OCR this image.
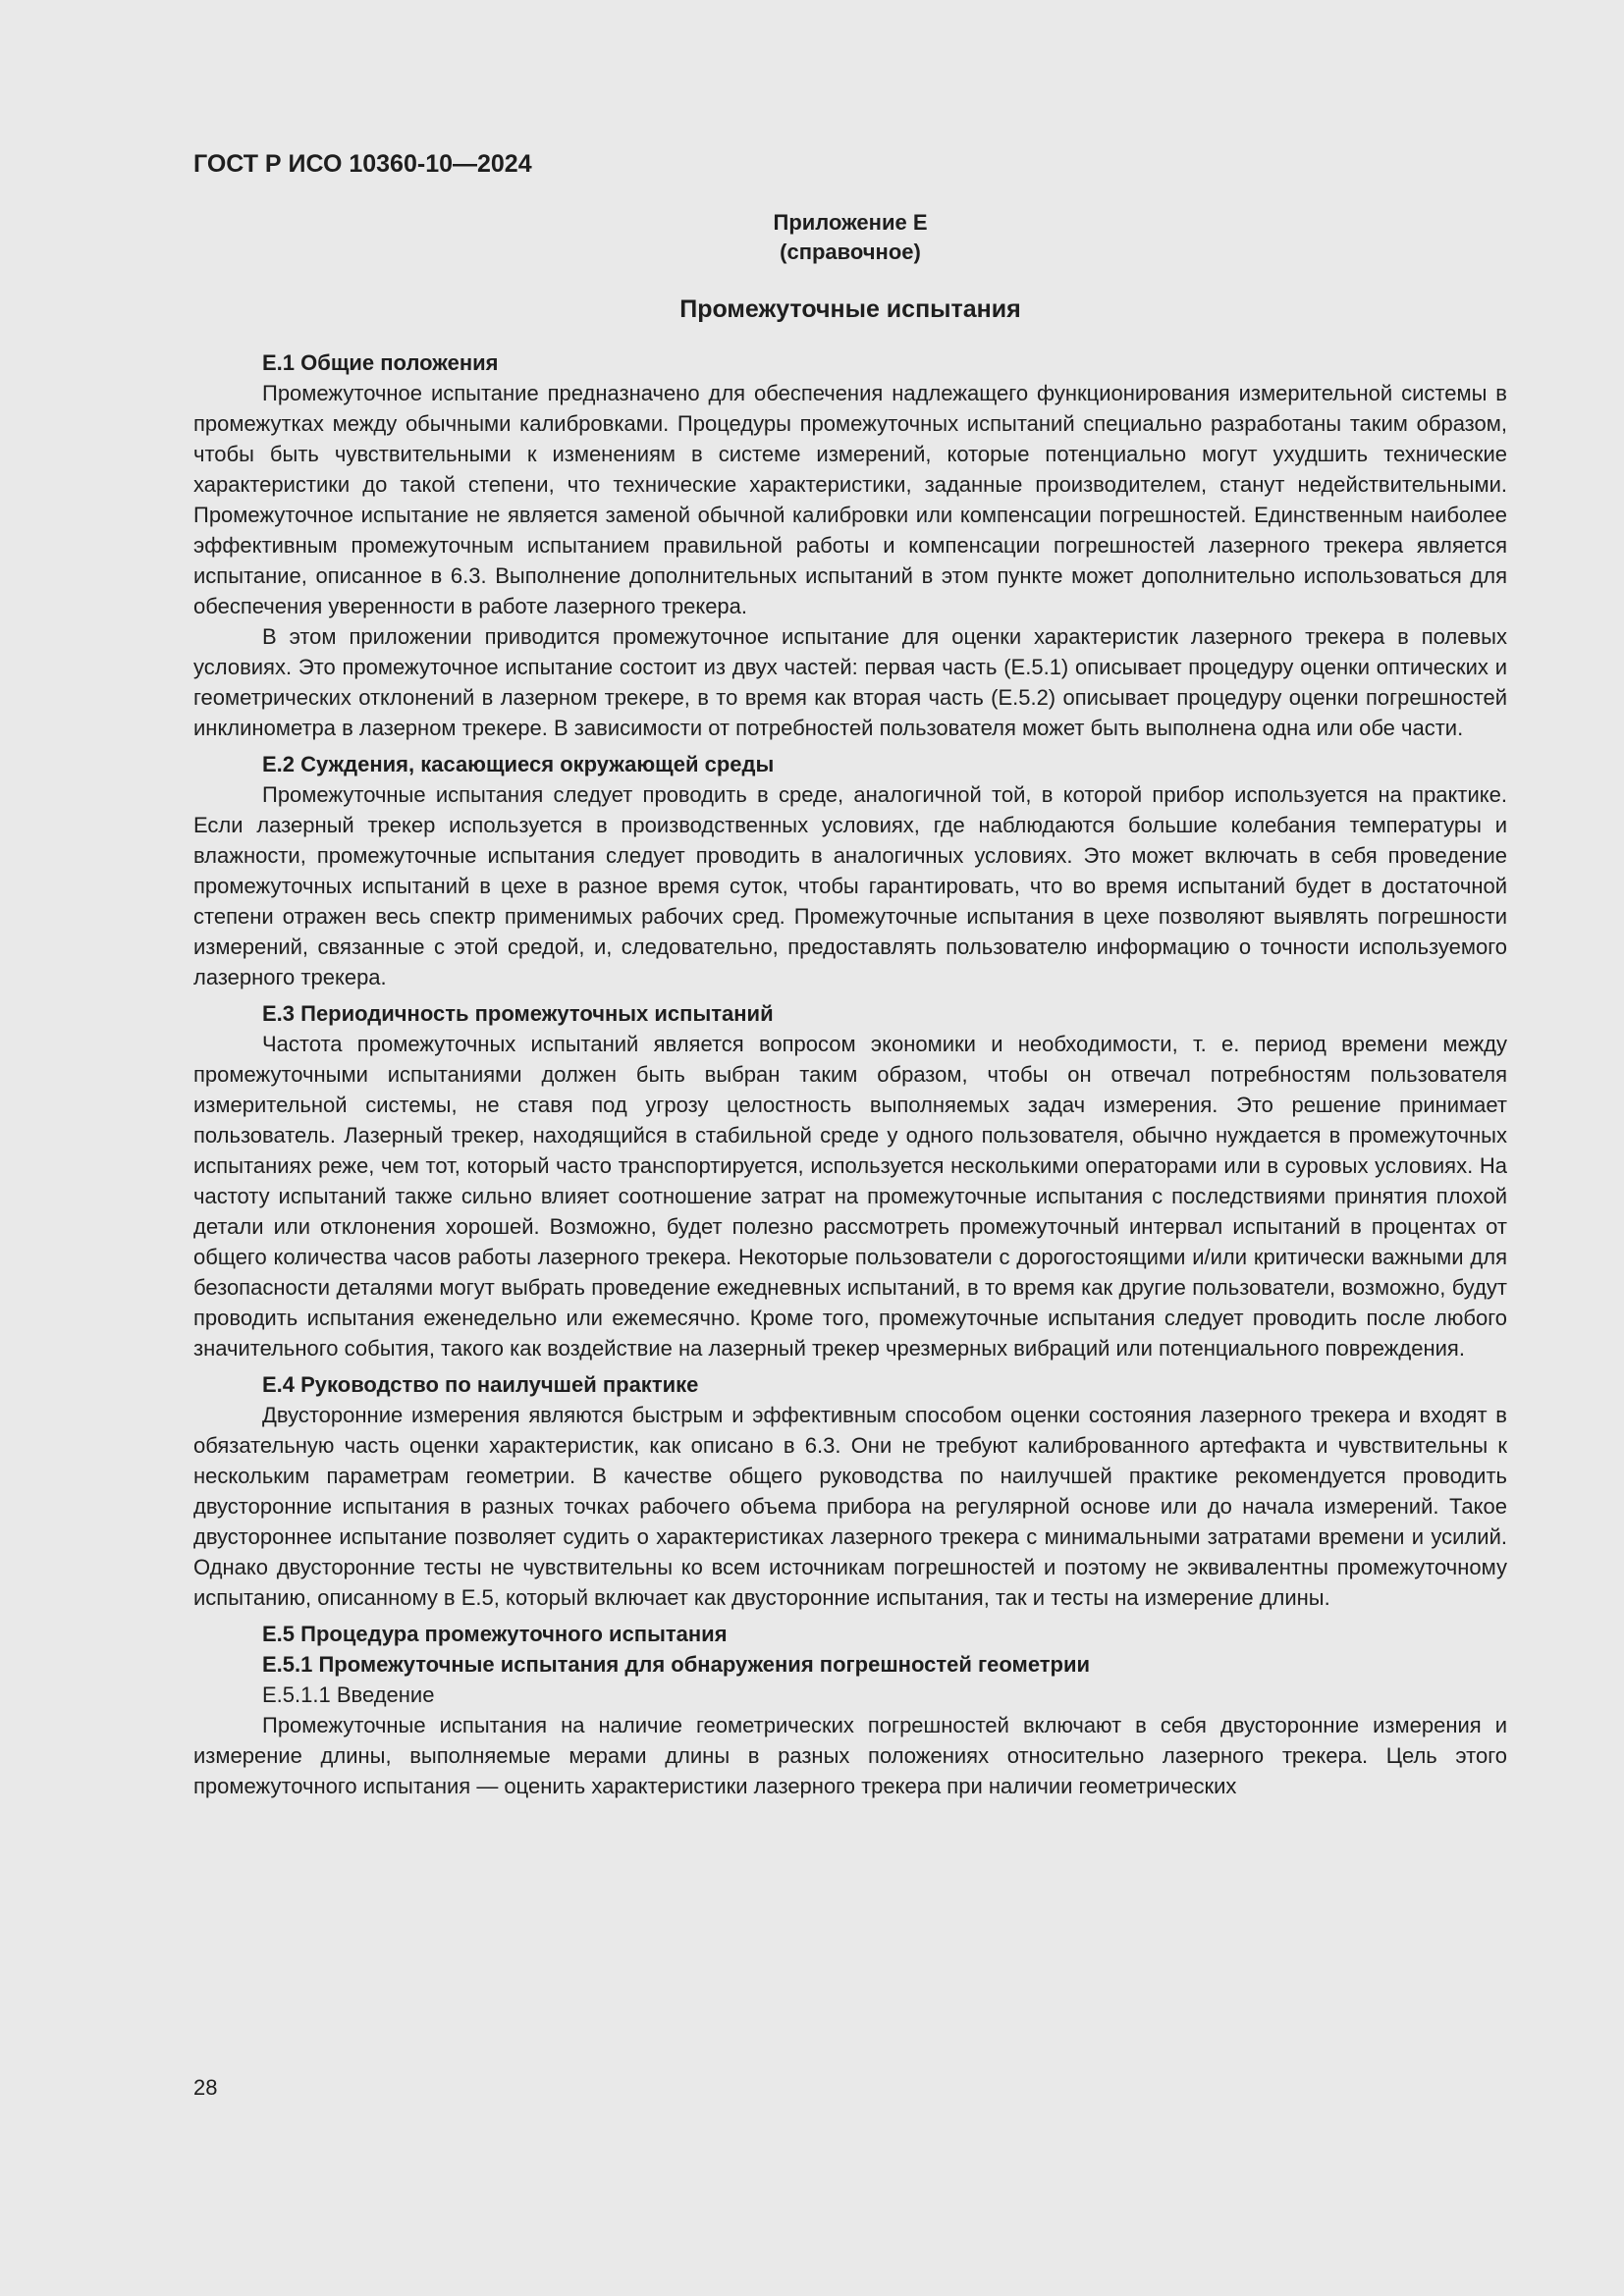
ГОСТ Р ИСО 10360-10—2024
Приложение Е
(справочное)
Промежуточные испытания
Е.1 Общие положения

Промежуточное испытание предназначено для обеспечения надлежащего функционирования измерительной системы в промежутках между обычными калибровками. Процедуры промежуточных испытаний специально разработаны таким образом, чтобы быть чувствительными к изменениям в системе измерений, которые потенциально могут ухудшить технические характеристики до такой степени, что технические характеристики, заданные производителем, станут недействительными. Промежуточное испытание не является заменой обычной калибровки или компенсации погрешностей. Единственным наиболее эффективным промежуточным испытанием правильной работы и компенсации погрешностей лазерного трекера является испытание, описанное в 6.3. Выполнение дополнительных испытаний в этом пункте может дополнительно использоваться для обеспечения уверенности в работе лазерного трекера.

В этом приложении приводится промежуточное испытание для оценки характеристик лазерного трекера в полевых условиях. Это промежуточное испытание состоит из двух частей: первая часть (Е.5.1) описывает процедуру оценки оптических и геометрических отклонений в лазерном трекере, в то время как вторая часть (Е.5.2) описывает процедуру оценки погрешностей инклинометра в лазерном трекере. В зависимости от потребностей пользователя может быть выполнена одна или обе части.

Е.2 Суждения, касающиеся окружающей среды

Промежуточные испытания следует проводить в среде, аналогичной той, в которой прибор используется на практике. Если лазерный трекер используется в производственных условиях, где наблюдаются большие колебания температуры и влажности, промежуточные испытания следует проводить в аналогичных условиях. Это может включать в себя проведение промежуточных испытаний в цехе в разное время суток, чтобы гарантировать, что во время испытаний будет в достаточной степени отражен весь спектр применимых рабочих сред. Промежуточные испытания в цехе позволяют выявлять погрешности измерений, связанные с этой средой, и, следовательно, предоставлять пользователю информацию о точности используемого лазерного трекера.

Е.3 Периодичность промежуточных испытаний

Частота промежуточных испытаний является вопросом экономики и необходимости, т. е. период времени между промежуточными испытаниями должен быть выбран таким образом, чтобы он отвечал потребностям пользователя измерительной системы, не ставя под угрозу целостность выполняемых задач измерения. Это решение принимает пользователь. Лазерный трекер, находящийся в стабильной среде у одного пользователя, обычно нуждается в промежуточных испытаниях реже, чем тот, который часто транспортируется, используется несколькими операторами или в суровых условиях. На частоту испытаний также сильно влияет соотношение затрат на промежуточные испытания с последствиями принятия плохой детали или отклонения хорошей. Возможно, будет полезно рассмотреть промежуточный интервал испытаний в процентах от общего количества часов работы лазерного трекера. Некоторые пользователи с дорогостоящими и/или критически важными для безопасности деталями могут выбрать проведение ежедневных испытаний, в то время как другие пользователи, возможно, будут проводить испытания еженедельно или ежемесячно. Кроме того, промежуточные испытания следует проводить после любого значительного события, такого как воздействие на лазерный трекер чрезмерных вибраций или потенциального повреждения.

Е.4 Руководство по наилучшей практике

Двусторонние измерения являются быстрым и эффективным способом оценки состояния лазерного трекера и входят в обязательную часть оценки характеристик, как описано в 6.3. Они не требуют калиброванного артефакта и чувствительны к нескольким параметрам геометрии. В качестве общего руководства по наилучшей практике рекомендуется проводить двусторонние испытания в разных точках рабочего объема прибора на регулярной основе или до начала измерений. Такое двустороннее испытание позволяет судить о характеристиках лазерного трекера с минимальными затратами времени и усилий. Однако двусторонние тесты не чувствительны ко всем источникам погрешностей и поэтому не эквивалентны промежуточному испытанию, описанному в Е.5, который включает как двусторонние испытания, так и тесты на измерение длины.

Е.5 Процедура промежуточного испытания
Е.5.1 Промежуточные испытания для обнаружения погрешностей геометрии
Е.5.1.1 Введение

Промежуточные испытания на наличие геометрических погрешностей включают в себя двусторонние измерения и измерение длины, выполняемые мерами длины в разных положениях относительно лазерного трекера. Цель этого промежуточного испытания — оценить характеристики лазерного трекера при наличии геометрических

28
